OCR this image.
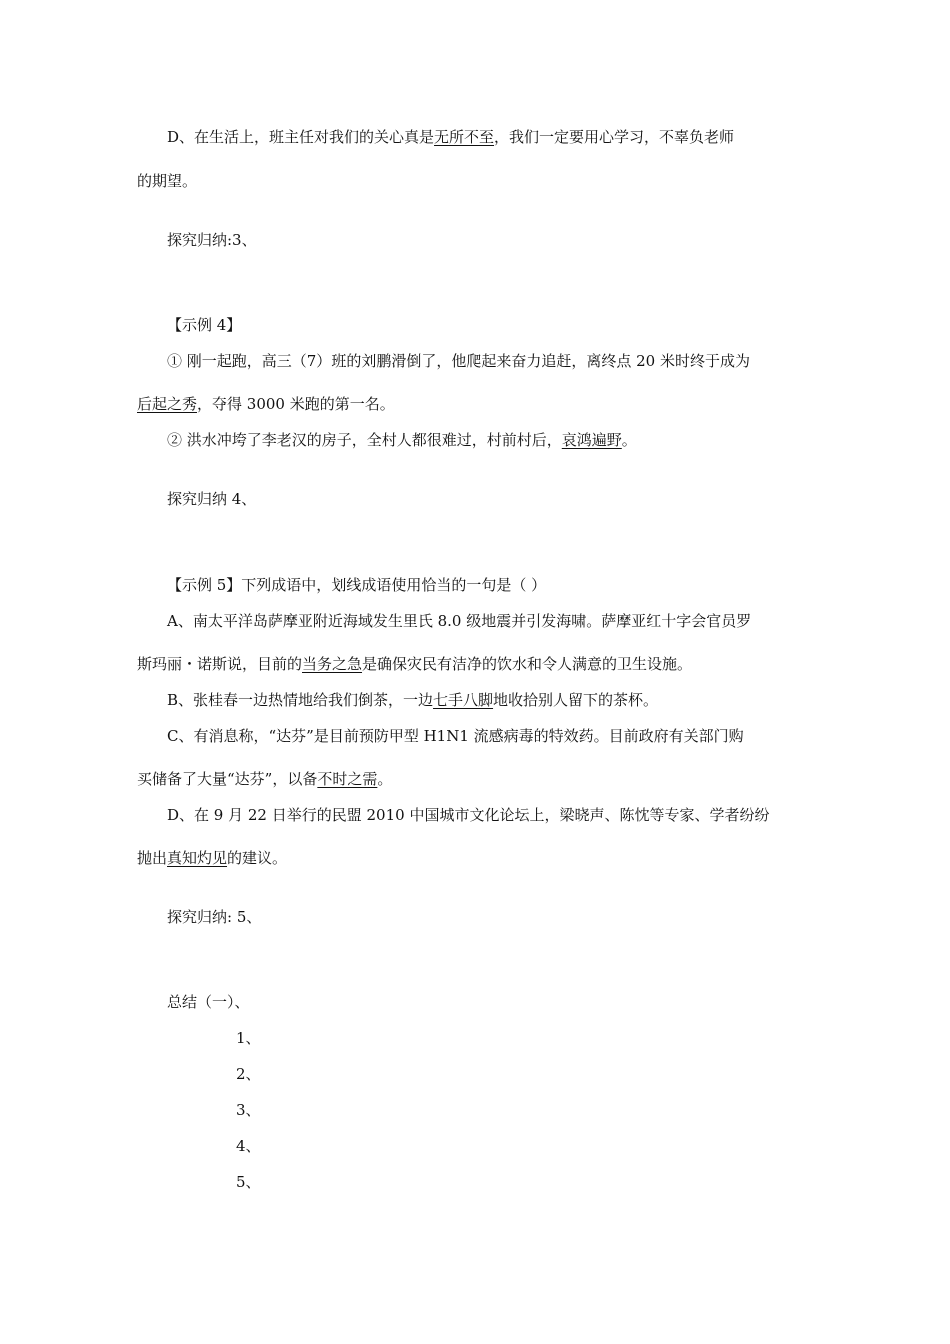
D、在生活上，班主任对我们的关心真是无所不至，我们一定要用心学习，不辜负老师
的期望。
探究归纳:3、
【示例 4】
① 刚一起跑，高三（7）班的刘鹏滑倒了，他爬起来奋力追赶，离终点 20 米时终于成为
后起之秀，夺得 3000 米跑的第一名。
② 洪水冲垮了李老汉的房子，全村人都很难过，村前村后，哀鸿遍野。
探究归纳 4、
【示例 5】下列成语中，划线成语使用恰当的一句是（ ）
A、南太平洋岛萨摩亚附近海域发生里氏 8.0 级地震并引发海啸。萨摩亚红十字会官员罗
斯玛丽・诺斯说，目前的当务之急是确保灾民有洁净的饮水和令人满意的卫生设施。
B、张桂春一边热情地给我们倒茶，一边七手八脚地收拾别人留下的茶杯。
C、有消息称，“达芬”是目前预防甲型 H1N1 流感病毒的特效药。目前政府有关部门购
买储备了大量“达芬”，以备不时之需。
D、在 9 月 22 日举行的民盟 2010 中国城市文化论坛上，梁晓声、陈忱等专家、学者纷纷
抛出真知灼见的建议。
探究归纳: 5、
总结（一）、
1、
2、
3、
4、
5、
